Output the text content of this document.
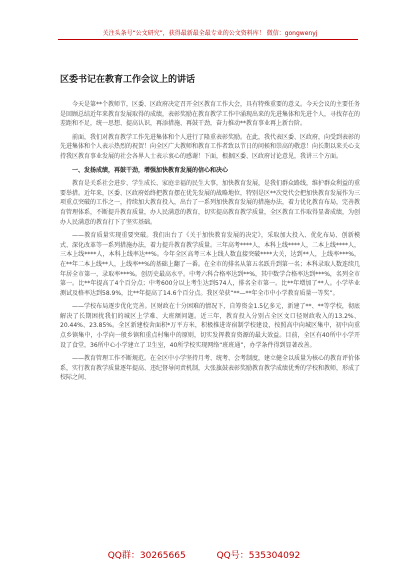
关注头条号“公文研究”，获得最新最全最专业的公文资料库！ 微信：gongwenyj
区委书记在教育工作会议上的讲话

今天是第**个教师节，区委、区政府决定召开全区教育工作大会，具有特殊重要的意义。今天会议的主要任务是回顾总结近年来教育发展取得的成绩，表彰奖励在教育教学工作中涌现出来的先进集体和先进个人，寻找存在的差距和不足，统一思想、提高认识，再添措施、再鼓干劲，奋力推动**教育事业再上新台阶。

前面，我们对教育教学工作先进集体和个人进行了隆重表彰奖励。在此，我代表区委、区政府，向受到表彰的先进集体和个人表示热烈的祝贺！向全区广大教师和教育工作者致以节日的问候和崇高的敬意！向长期以来关心支持我区教育事业发展的社会各界人士表示衷心的感谢！下面，根据区委、区政府讨论意见，我讲三个方面。

一、发扬成绩，再鼓干劲，增强加快教育发展的信心和决心

教育是关系社会进步、学生成长、家庭幸福的民生大事，加快教育发展，是我们群众路线，维护群众利益的重要举措。近年来，区委、区政府始终把教育摆在优先发展的战略地位，特别是区**次党代会把加快教育发展作为三项重点突破的工作之一，持续加大教育投入，出台了一系列加快教育发展的措施办法，着力优化教育布局，完善教育管理体系，不断提升教育质量，办人民满意的教育，切实提高教育教学质量，全区教育工作取得显著成绩，为创办人民满意的教育打下了坚实基础。

——教育质量实现重要突破。我们出台了《关于加快教育发展的决定》，采取加大投入、优化布局、创新模式、深化改革等一系列措施办法，着力提升教育教学质量。三年高考****人，本科上线****人，二本上线****人，三本上线****人，本科上线率达**%。今年全区高考三本上线人数直接突破****大关，达到**人，上线率***%，在**年二本上线**人，上线率**%的基础上翻了一番。在全市的排名从第五名跃升到第一名；本科录取人数连续几年居全市第一，录取率***%。创历史最高水平。中考六科合格率达到**%，其中数学合格率达到***%，名列全市第一。比**年提高了4个百分点；中考600分以上考生达到574人，排名全市第一。比**年增加了**人。小学毕业测试及格率达到58.9%，比**年提高了14.6个百分点。我区荣获“**—**年全市中小学教育质量一等奖”。

——学校布局逐步优化完善。区财政在十分困难的情况下，自筹资金1.5亿多元，新建了**、**等学校，彻底解决了长期困扰我们的城区上学难、大班额问题。近三年，教育投入分别占全区文口径财政收入的13.2%、20.44%、23.85%。全区新建校舍面积*万平方米，积极推进寄宿制学校建设，按照高中向城区集中，初中向重点乡镇集中，小学向一般乡镇和重点村集中的原则，切实发挥教育资源的最大效益。目前，全区有40所中小学开设了食堂，36所中心小学建立了卫生室，40所学校实现网络“班班通”，办学条件得到显著改善。

——教育管理工作不断规范。在全区中小学坚持月考、统考、会考制度，建立健全以质量为核心的教育评价体系，实行教育教学质量逐年提高、违纪督导问责机制，大张旗鼓表彰奖励教育教学成绩优秀的学校和教师，形成了校际之间、

QQ群：30265665	QQ号：535304092
